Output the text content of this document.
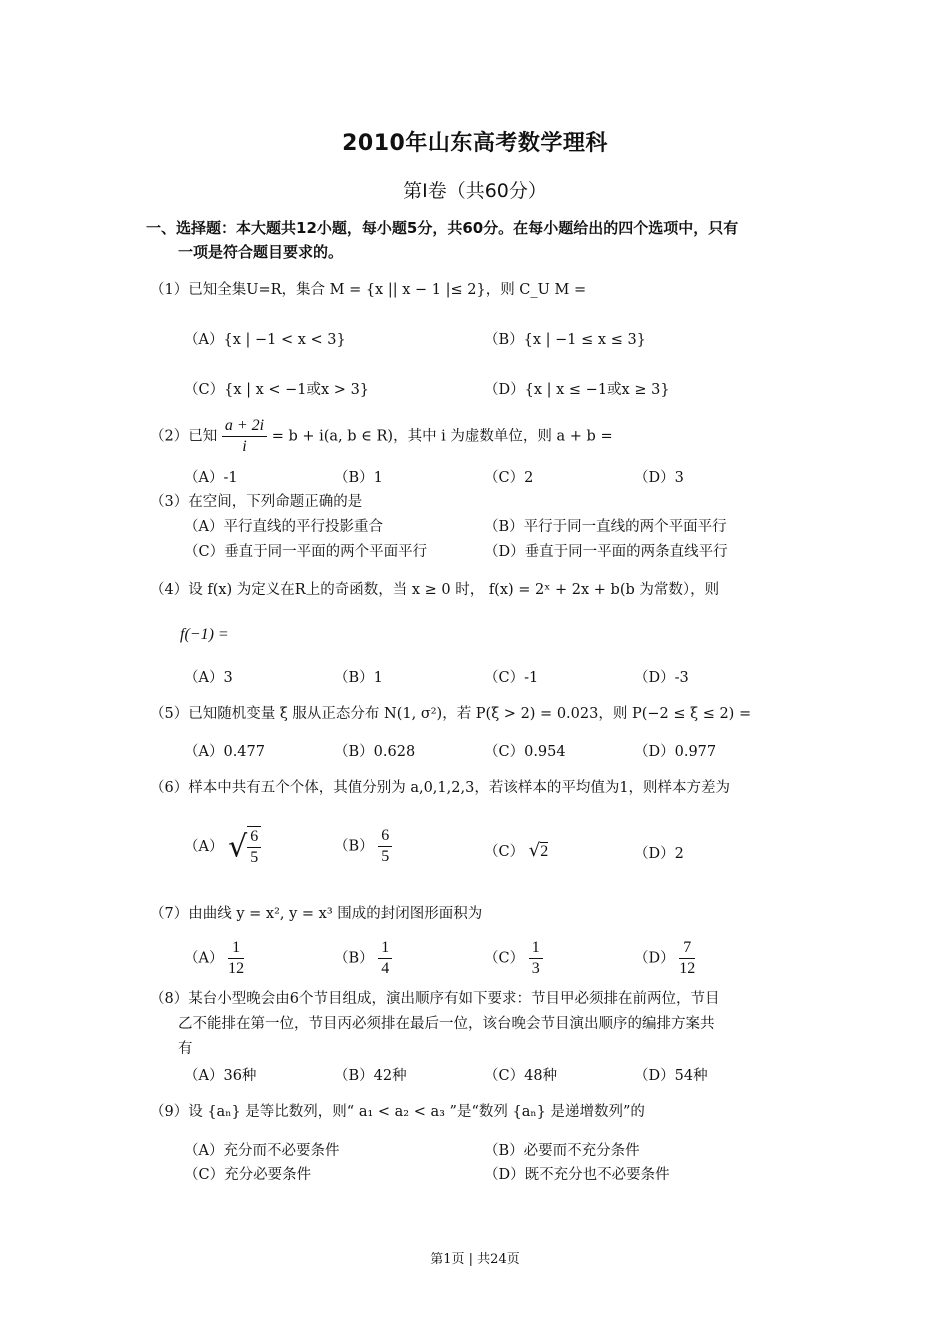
2010年山东高考数学理科
第Ⅰ卷（共60分）
一、选择题：本大题共12小题，每小题5分，共60分。在每小题给出的四个选项中，只有
一项是符合题目要求的。
（1）已知全集U=R，集合 M = {x || x − 1 |≤ 2}，则 C_U M =
（A）{x | −1 < x < 3}	（B）{x | −1 ≤ x ≤ 3}
（C）{x | x < −1或x > 3}	（D）{x | x ≤ −1或x ≥ 3}
（2）已知 $\frac{a + 2i}{i} = b + i(a$, b ∈ R)，其中 i 为虚数单位，则 a + b =
（A）-1	（B）1	（C）2	（D）3
（3）在空间，下列命题正确的是
（A）平行直线的平行投影重合	（B）平行于同一直线的两个平面平行
（C）垂直于同一平面的两个平面平行	（D）垂直于同一平面的两条直线平行
（4）设 f(x) 为定义在R上的奇函数，当 x ≥ 0 时， f(x) = 2ˣ + 2x + b(b 为常数），则
f(−1) =
（A）3	（B）1	（C）-1	（D）-3
（5）已知随机变量 ξ 服从正态分布 N(1, σ²)，若 P(ξ > 2) = 0.023，则 P(−2 ≤ ξ ≤ 2) =
（A）0.477	（B）0.628	（C）0.954	（D）0.977
（6）样本中共有五个个体，其值分别为 a,0,1,2,3，若该样本的平均值为1，则样本方差为
（A） √ $\frac{6}{5}$	$(B) \frac{6}{5}$	（C） √2	（D）2
（7）由曲线 y = x², y = x³ 围成的封闭图形面积为
$(A) \frac{1}{12}$	$(B) \frac{1}{4}$	$(C) \frac{1}{3}$	$(D) \frac{7}{12}$
（8）某台小型晚会由6个节目组成，演出顺序有如下要求：节目甲必须排在前两位，节目
乙不能排在第一位，节目丙必须排在最后一位，该台晚会节目演出顺序的编排方案共
有
（A）36种	（B）42种	（C）48种	（D）54种
（9）设 {aₙ} 是等比数列，则“ a₁ < a₂ < a₃ ”是“数列 {aₙ} 是递增数列”的
（A）充分而不必要条件	（B）必要而不充分条件
（C）充分必要条件	（D）既不充分也不必要条件
第1页 | 共24页
